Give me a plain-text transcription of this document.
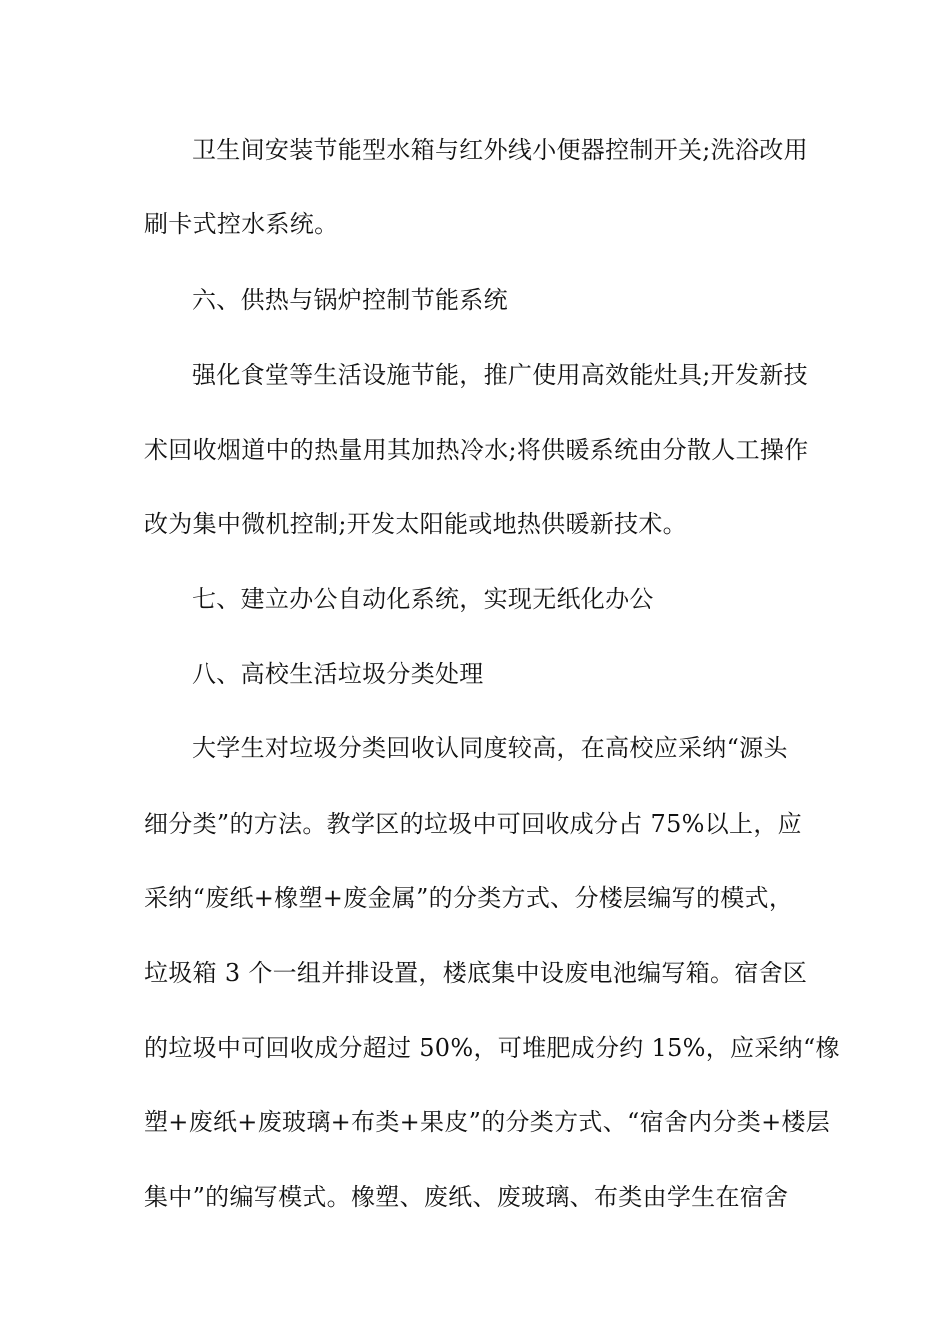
卫生间安装节能型水箱与红外线小便器控制开关;洗浴改用
刷卡式控水系统。
六、供热与锅炉控制节能系统
强化食堂等生活设施节能，推广使用高效能灶具;开发新技
术回收烟道中的热量用其加热冷水;将供暖系统由分散人工操作
改为集中微机控制;开发太阳能或地热供暖新技术。
七、建立办公自动化系统，实现无纸化办公
八、高校生活垃圾分类处理
大学生对垃圾分类回收认同度较高，在高校应采纳“源头
细分类”的方法。教学区的垃圾中可回收成分占 75%以上，应
采纳“废纸+橡塑+废金属”的分类方式、分楼层编写的模式，
垃圾箱 3 个一组并排设置，楼底集中设废电池编写箱。宿舍区
的垃圾中可回收成分超过 50%，可堆肥成分约 15%，应采纳“橡
塑+废纸+废玻璃+布类+果皮”的分类方式、“宿舍内分类+楼层
集中”的编写模式。橡塑、废纸、废玻璃、布类由学生在宿舍
